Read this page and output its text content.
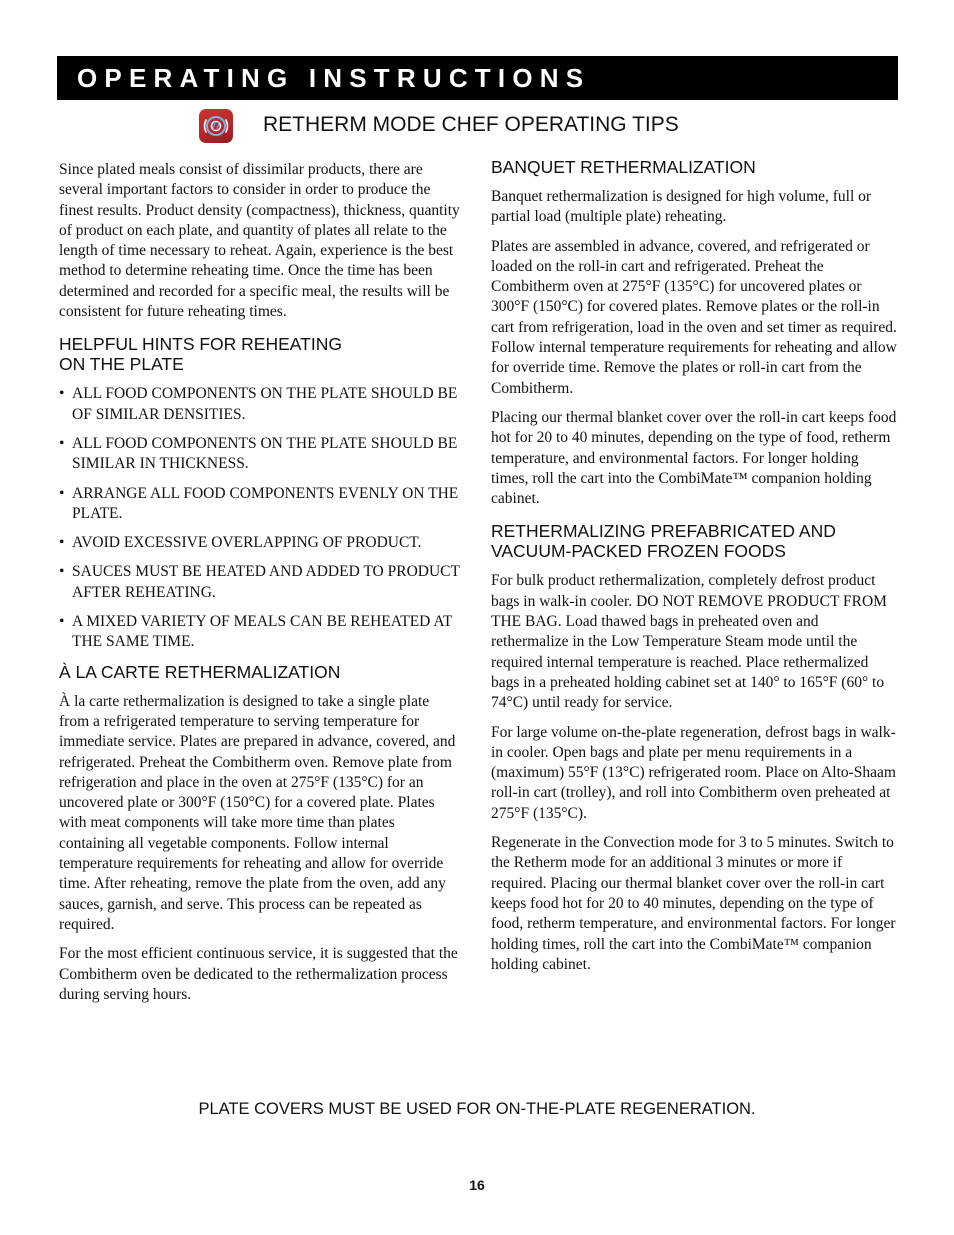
OPERATING INSTRUCTIONS
RETHERM MODE CHEF OPERATING TIPS

Since plated meals consist of dissimilar products, there are several important factors to consider in order to produce the finest results. Product density (compactness), thickness, quantity of product on each plate, and quantity of plates all relate to the length of time necessary to reheat. Again, experience is the best method to determine reheating time. Once the time has been determined and recorded for a specific meal, the results will be consistent for future reheating times.

HELPFUL HINTS FOR REHEATING
ON THE PLATE
• ALL FOOD COMPONENTS ON THE PLATE SHOULD BE OF SIMILAR DENSITIES.
• ALL FOOD COMPONENTS ON THE PLATE SHOULD BE SIMILAR IN THICKNESS.
• ARRANGE ALL FOOD COMPONENTS EVENLY ON THE PLATE.
• AVOID EXCESSIVE OVERLAPPING OF PRODUCT.
• SAUCES MUST BE HEATED AND ADDED TO PRODUCT AFTER REHEATING.
• A MIXED VARIETY OF MEALS CAN BE REHEATED AT THE SAME TIME.
À LA CARTE RETHERMALIZATION

À la carte rethermalization is designed to take a single plate from a refrigerated temperature to serving temperature for immediate service. Plates are prepared in advance, covered, and refrigerated. Preheat the Combitherm oven. Remove plate from refrigeration and place in the oven at 275°F (135°C) for an uncovered plate or 300°F (150°C) for a covered plate. Plates with meat components will take more time than plates containing all vegetable components. Follow internal temperature requirements for reheating and allow for override time. After reheating, remove the plate from the oven, add any sauces, garnish, and serve. This process can be repeated as required.

For the most efficient continuous service, it is suggested that the Combitherm oven be dedicated to the rethermalization process during serving hours.

BANQUET RETHERMALIZATION

Banquet rethermalization is designed for high volume, full or partial load (multiple plate) reheating.

Plates are assembled in advance, covered, and refrigerated or loaded on the roll-in cart and refrigerated. Preheat the Combitherm oven at 275°F (135°C) for uncovered plates or 300°F (150°C) for covered plates. Remove plates or the roll-in cart from refrigeration, load in the oven and set timer as required. Follow internal temperature requirements for reheating and allow for override time. Remove the plates or roll-in cart from the Combitherm.

Placing our thermal blanket cover over the roll-in cart keeps food hot for 20 to 40 minutes, depending on the type of food, retherm temperature, and environmental factors. For longer holding times, roll the cart into the CombiMate™ companion holding cabinet.

RETHERMALIZING PREFABRICATED AND VACUUM-PACKED FROZEN FOODS

For bulk product rethermalization, completely defrost product bags in walk-in cooler. DO NOT REMOVE PRODUCT FROM THE BAG. Load thawed bags in preheated oven and rethermalize in the Low Temperature Steam mode until the required internal temperature is reached. Place rethermalized bags in a preheated holding cabinet set at 140° to 165°F (60° to 74°C) until ready for service.

For large volume on-the-plate regeneration, defrost bags in walk-in cooler. Open bags and plate per menu requirements in a (maximum) 55°F (13°C) refrigerated room. Place on Alto-Shaam roll-in cart (trolley), and roll into Combitherm oven preheated at 275°F (135°C).

Regenerate in the Convection mode for 3 to 5 minutes. Switch to the Retherm mode for an additional 3 minutes or more if required. Placing our thermal blanket cover over the roll-in cart keeps food hot for 20 to 40 minutes, depending on the type of food, retherm temperature, and environmental factors. For longer holding times, roll the cart into the CombiMate™ companion holding cabinet.

PLATE COVERS MUST BE USED FOR ON-THE-PLATE REGENERATION.
16
